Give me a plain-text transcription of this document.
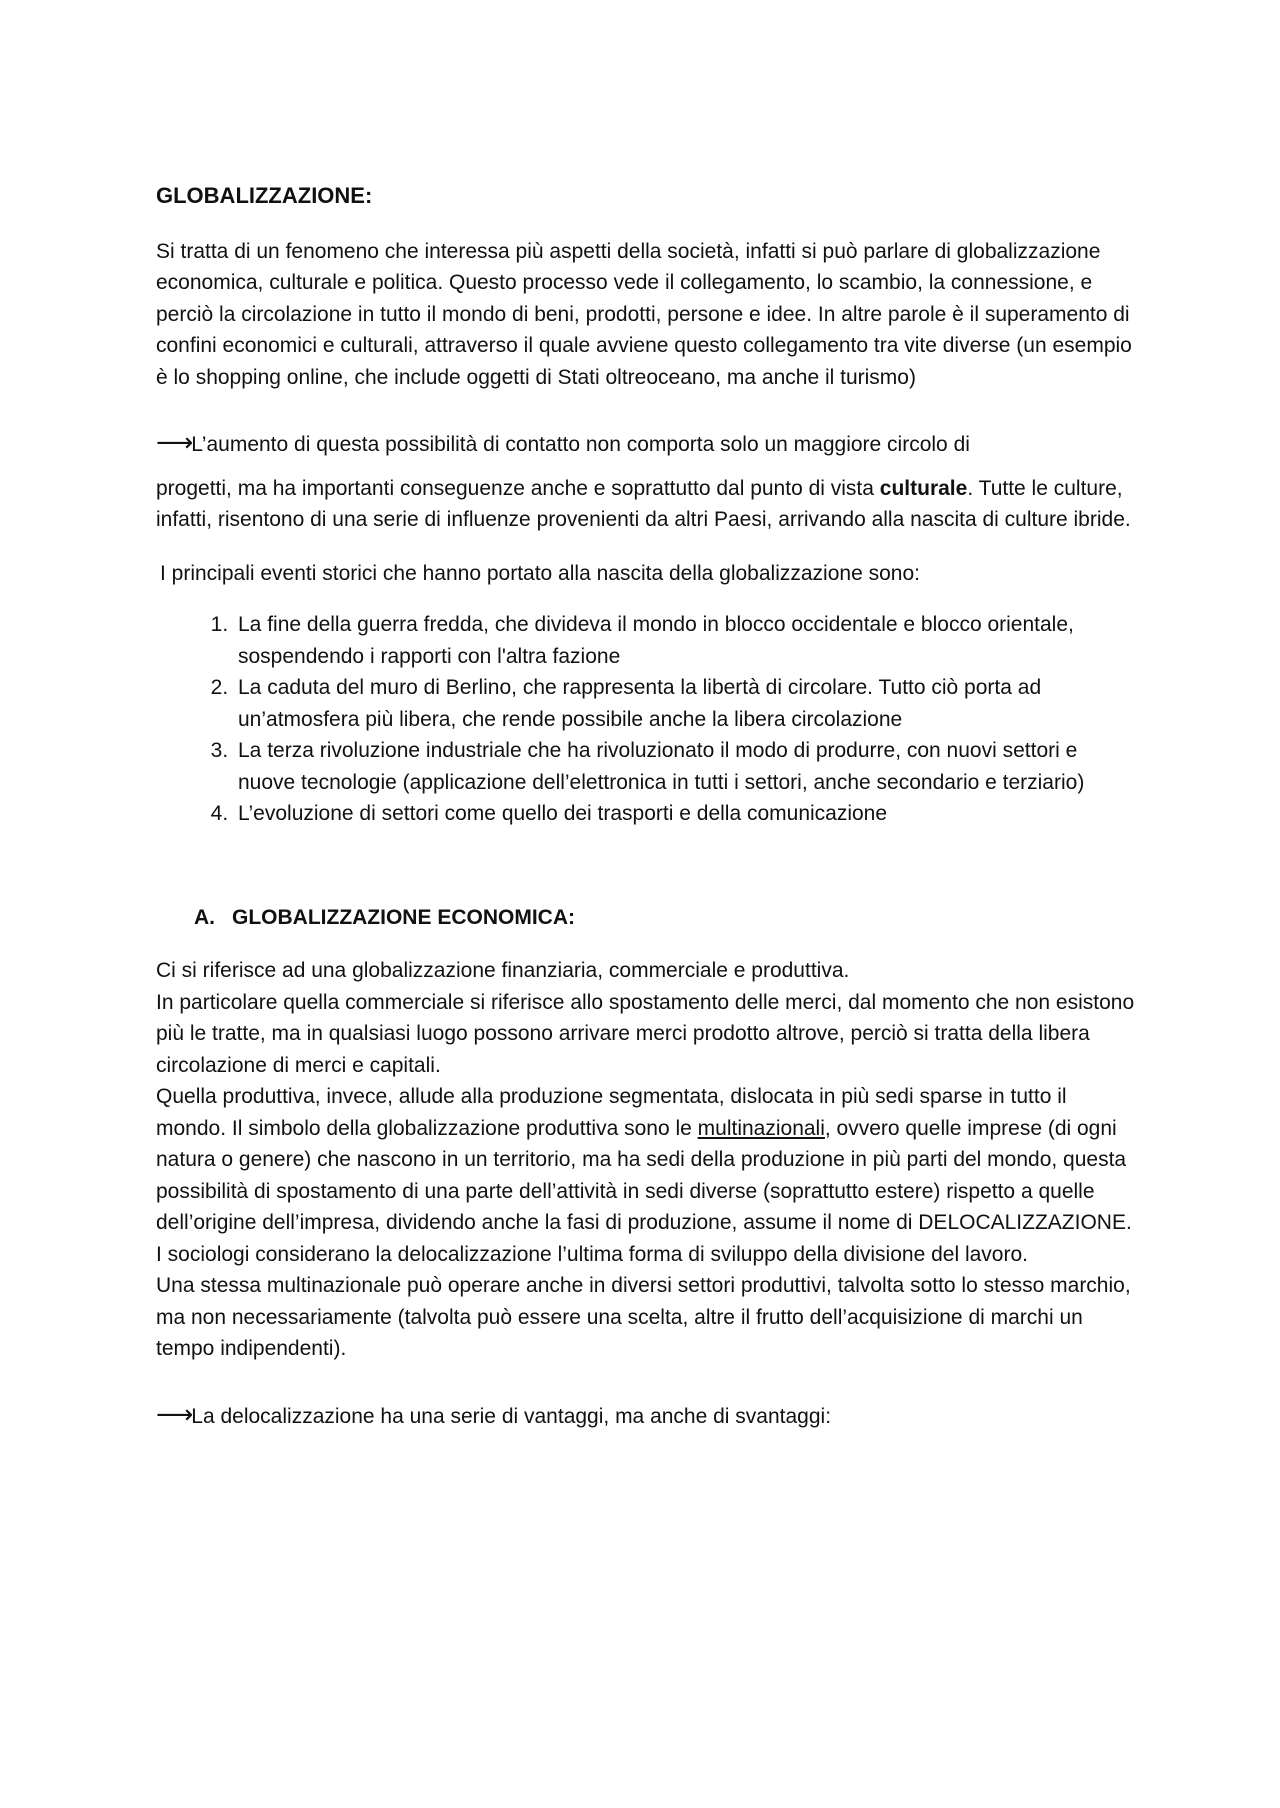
GLOBALIZZAZIONE:

Si tratta di un fenomeno che interessa più aspetti della società, infatti si può parlare di globalizzazione economica, culturale e politica. Questo processo vede il collegamento, lo scambio, la connessione, e perciò la circolazione in tutto il mondo di beni, prodotti, persone e idee. In altre parole è il superamento di confini economici e culturali, attraverso il quale avviene questo collegamento tra vite diverse (un esempio è lo shopping online, che include oggetti di Stati oltreoceano, ma anche il turismo)

⟶L’aumento di questa possibilità di contatto non comporta solo un maggiore circolo di

progetti, ma ha importanti conseguenze anche e soprattutto dal punto di vista culturale. Tutte le culture, infatti, risentono di una serie di influenze provenienti da altri Paesi, arrivando alla nascita di culture ibride.

I principali eventi storici che hanno portato alla nascita della globalizzazione sono:

1. La fine della guerra fredda, che divideva il mondo in blocco occidentale e blocco orientale, sospendendo i rapporti con l'altra fazione
2. La caduta del muro di Berlino, che rappresenta la libertà di circolare. Tutto ciò porta ad un’atmosfera più libera, che rende possibile anche la libera circolazione
3. La terza rivoluzione industriale che ha rivoluzionato il modo di produrre, con nuovi settori e nuove tecnologie (applicazione dell’elettronica in tutti i settori, anche secondario e terziario)
4. L’evoluzione di settori come quello dei trasporti e della comunicazione

A. GLOBALIZZAZIONE ECONOMICA:

Ci si riferisce ad una globalizzazione finanziaria, commerciale e produttiva.

In particolare quella commerciale si riferisce allo spostamento delle merci, dal momento che non esistono più le tratte, ma in qualsiasi luogo possono arrivare merci prodotto altrove, perciò si tratta della libera circolazione di merci e capitali.

Quella produttiva, invece, allude alla produzione segmentata, dislocata in più sedi sparse in tutto il mondo. Il simbolo della globalizzazione produttiva sono le multinazionali, ovvero quelle imprese (di ogni natura o genere) che nascono in un territorio, ma ha sedi della produzione in più parti del mondo, questa possibilità di spostamento di una parte dell’attività in sedi diverse (soprattutto estere) rispetto a quelle dell’origine dell’impresa, dividendo anche la fasi di produzione, assume il nome di DELOCALIZZAZIONE.

I sociologi considerano la delocalizzazione l’ultima forma di sviluppo della divisione del lavoro.

Una stessa multinazionale può operare anche in diversi settori produttivi, talvolta sotto lo stesso marchio, ma non necessariamente (talvolta può essere una scelta, altre il frutto dell’acquisizione di marchi un tempo indipendenti).

⟶La delocalizzazione ha una serie di vantaggi, ma anche di svantaggi:
